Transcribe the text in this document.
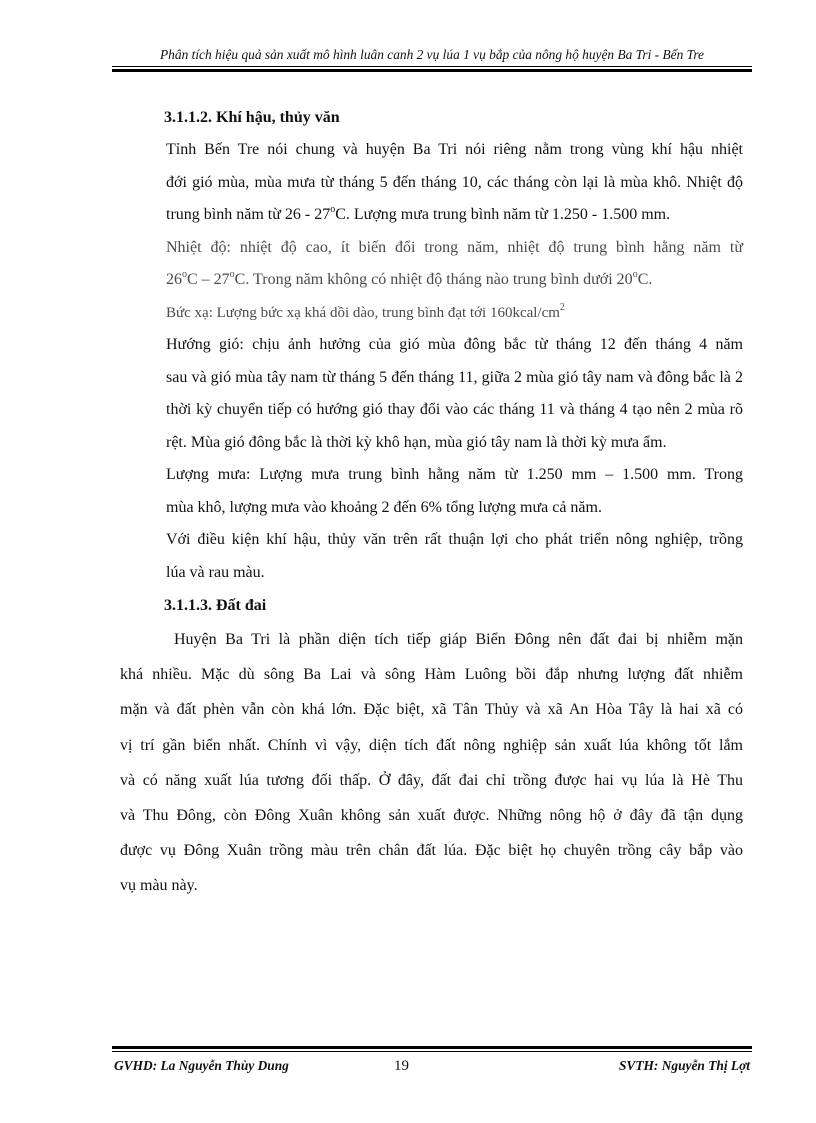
Phân tích hiệu quả sản xuất mô hình luân canh 2 vụ lúa 1 vụ bắp của nông hộ huyện Ba Tri - Bến Tre
3.1.1.2. Khí hậu, thủy văn

Tỉnh Bến Tre nói chung và huyện Ba Tri nói riêng nằm trong vùng khí hậu nhiệt
đới gió mùa, mùa mưa từ tháng 5 đến tháng 10, các tháng còn lại là mùa khô. Nhiệt độ
trung bình năm từ 26 - 27$^o$C. Lượng mưa trung bình năm từ 1.250 - 1.500 mm.

Nhiệt độ: nhiệt độ cao, ít biến đổi trong năm, nhiệt độ trung bình hằng năm từ
26$^o$C – 27$^o$C. Trong năm không có nhiệt độ tháng nào trung bình dưới 20$^o$C.

Bức xạ: Lượng bức xạ khá dồi dào, trung bình đạt tới $160kcal/cm^2$

Hướng gió: chịu ảnh hưởng của gió mùa đông bắc từ tháng 12 đến tháng 4 năm
sau và gió mùa tây nam từ tháng 5 đến tháng 11, giữa 2 mùa gió tây nam và đông bắc là 2
thời kỳ chuyển tiếp có hướng gió thay đổi vào các tháng 11 và tháng 4 tạo nên 2 mùa rõ
rệt. Mùa gió đông bắc là thời kỳ khô hạn, mùa gió tây nam là thời kỳ mưa ẩm.

Lượng mưa: Lượng mưa trung bình hằng năm từ 1.250 mm – 1.500 mm. Trong
mùa khô, lượng mưa vào khoảng 2 đến 6% tổng lượng mưa cả năm.

Với điều kiện khí hậu, thủy văn trên rất thuận lợi cho phát triển nông nghiệp, trồng
lúa và rau màu.

3.1.1.3. Đất đai

Huyện Ba Tri là phần diện tích tiếp giáp Biển Đông nên đất đai bị nhiễm mặn
khá nhiều. Mặc dù sông Ba Lai và sông Hàm Luông bồi đắp nhưng lượng đất nhiễm
mặn và đất phèn vẫn còn khá lớn. Đặc biệt, xã Tân Thủy và xã An Hòa Tây là hai xã có
vị trí gần biển nhất. Chính vì vậy, diện tích đất nông nghiệp sản xuất lúa không tốt lắm
và có năng xuất lúa tương đối thấp. Ở đây, đất đai chỉ trồng được hai vụ lúa là Hè Thu
và Thu Đông, còn Đông Xuân không sản xuất được. Những nông hộ ở đây đã tận dụng
được vụ Đông Xuân trồng màu trên chân đất lúa. Đặc biệt họ chuyên trồng cây bắp vào
vụ màu này.

GVHD: La Nguyễn Thùy Dung	19	SVTH: Nguyễn Thị Lợt
